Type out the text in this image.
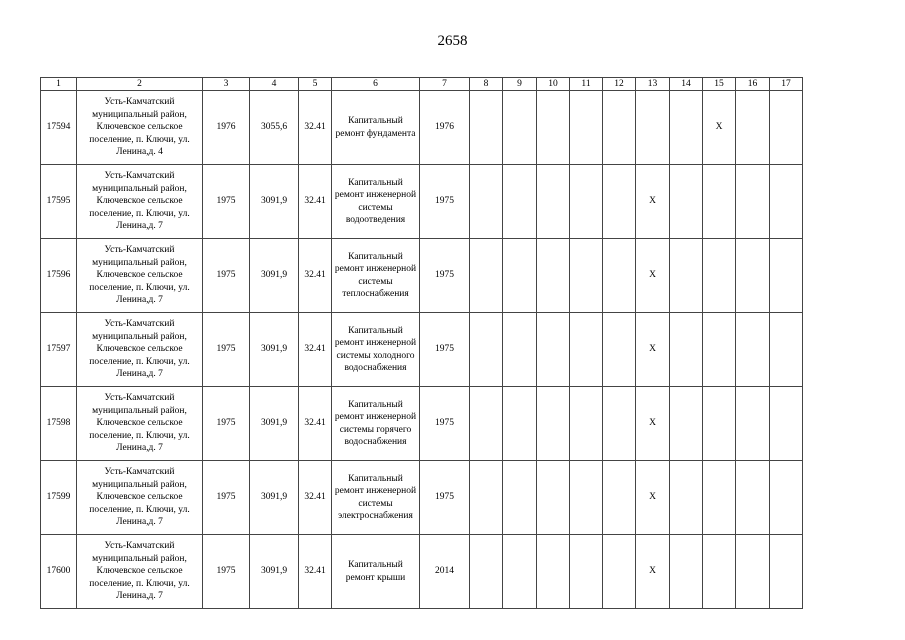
2658
1	2	3	4	5	6	7	8	9	10	11	12	13	14	15	16	17
17594	Усть-Камчатский муниципальный район, Ключевское сельское поселение, п. Ключи, ул. Ленина,д. 4	1976	3055,6	32.41	Капитальный ремонт фундамента	1976								Х		
17595	Усть-Камчатский муниципальный район, Ключевское сельское поселение, п. Ключи, ул. Ленина,д. 7	1975	3091,9	32.41	Капитальный ремонт инженерной системы водоотведения	1975						Х				
17596	Усть-Камчатский муниципальный район, Ключевское сельское поселение, п. Ключи, ул. Ленина,д. 7	1975	3091,9	32.41	Капитальный ремонт инженерной системы теплоснабжения	1975						Х				
17597	Усть-Камчатский муниципальный район, Ключевское сельское поселение, п. Ключи, ул. Ленина,д. 7	1975	3091,9	32.41	Капитальный ремонт инженерной системы холодного водоснабжения	1975						Х				
17598	Усть-Камчатский муниципальный район, Ключевское сельское поселение, п. Ключи, ул. Ленина,д. 7	1975	3091,9	32.41	Капитальный ремонт инженерной системы горячего водоснабжения	1975						Х				
17599	Усть-Камчатский муниципальный район, Ключевское сельское поселение, п. Ключи, ул. Ленина,д. 7	1975	3091,9	32.41	Капитальный ремонт инженерной системы электроснабжения	1975						Х				
17600	Усть-Камчатский муниципальный район, Ключевское сельское поселение, п. Ключи, ул. Ленина,д. 7	1975	3091,9	32.41	Капитальный ремонт крыши	2014						Х				
